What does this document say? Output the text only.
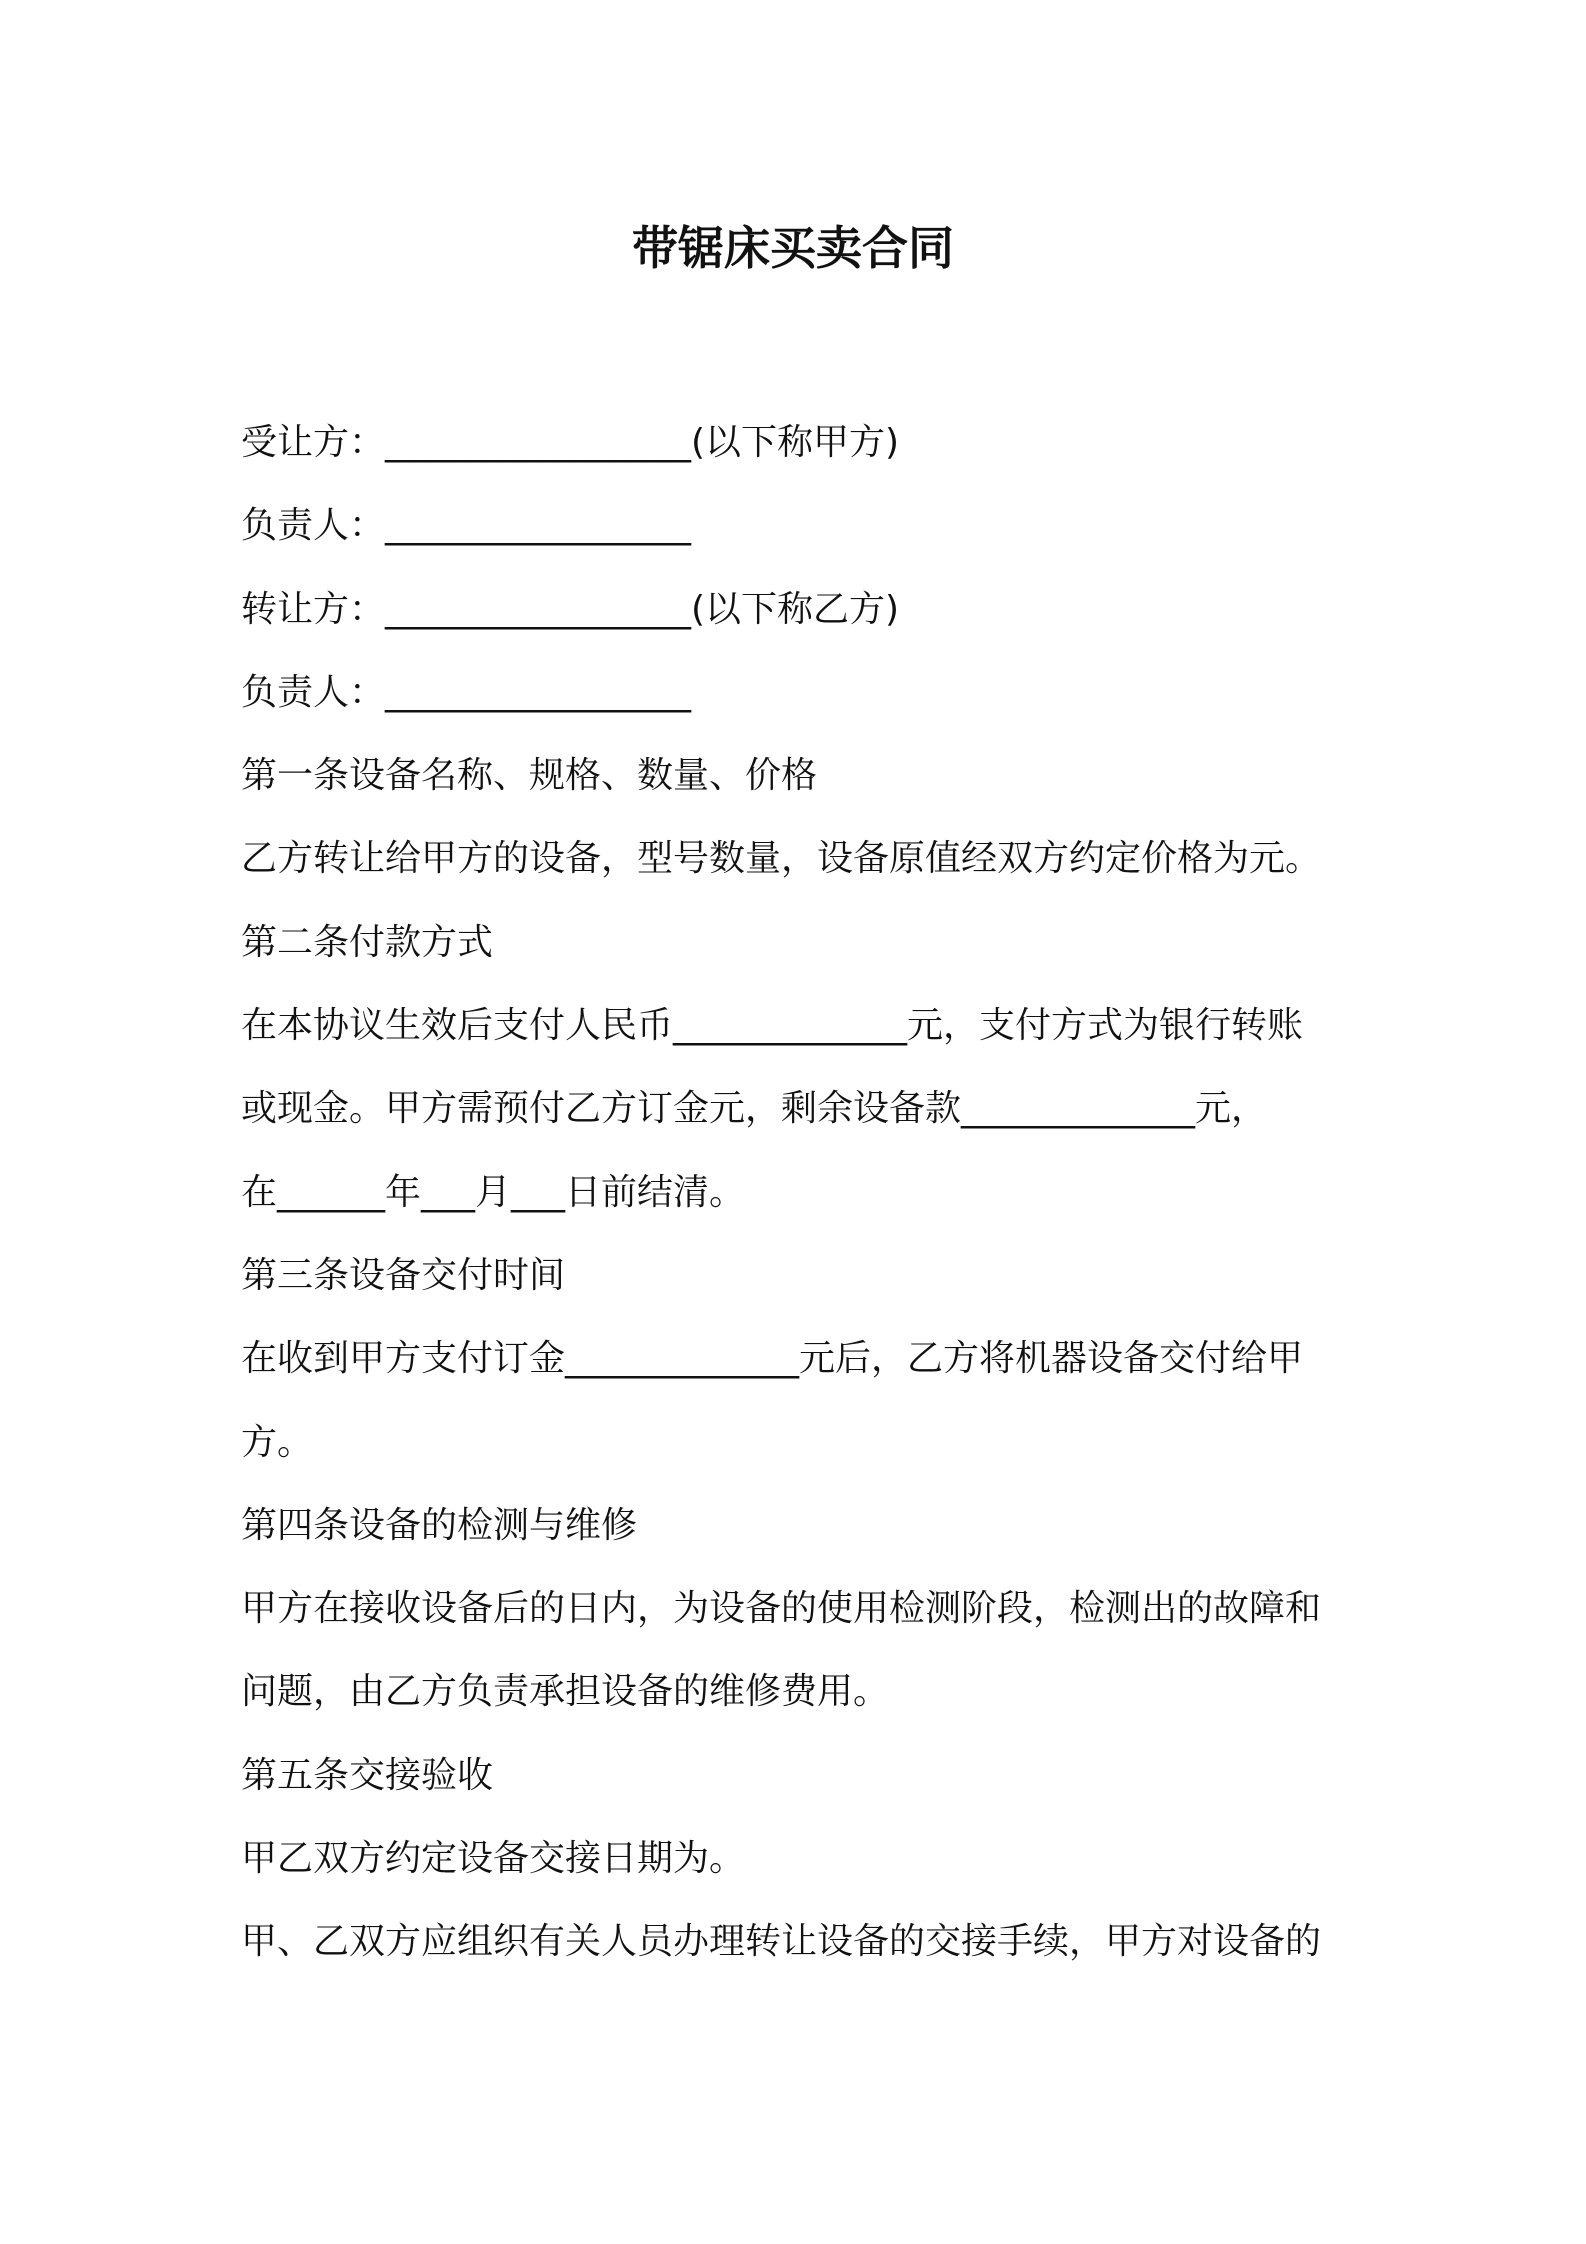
带锯床买卖合同
受让方：_________________(以下称甲方)
负责人：_________________
转让方：_________________(以下称乙方)
负责人：_________________
第一条设备名称、规格、数量、价格
乙方转让给甲方的设备，型号数量，设备原值经双方约定价格为元。
第二条付款方式
在本协议生效后支付人民币_____________元，支付方式为银行转账
或现金。甲方需预付乙方订金元，剩余设备款_____________元，
在______年___月___日前结清。
第三条设备交付时间
在收到甲方支付订金_____________元后，乙方将机器设备交付给甲
方。
第四条设备的检测与维修
甲方在接收设备后的日内，为设备的使用检测阶段，检测出的故障和
问题，由乙方负责承担设备的维修费用。
第五条交接验收
甲乙双方约定设备交接日期为。
甲、乙双方应组织有关人员办理转让设备的交接手续，甲方对设备的
